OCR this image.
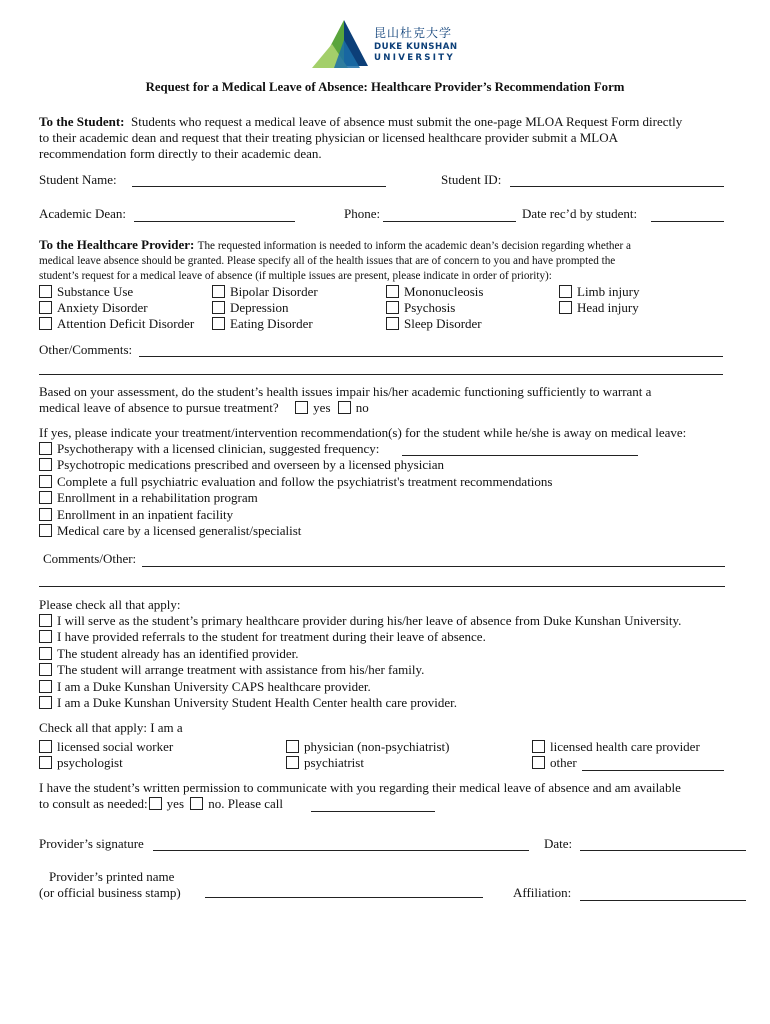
昆山杜克大学
DUKE KUNSHAN
UNIVERSITY
Request for a Medical Leave of Absence: Healthcare Provider’s Recommendation Form
To the Student: Students who request a medical leave of absence must submit the one-page MLOA Request Form directly
to their academic dean and request that their treating physician or licensed healthcare provider submit a MLOA
recommendation form directly to their academic dean.
Student Name:	Student ID:
Academic Dean:	Phone:	Date rec’d by student:
To the Healthcare Provider: The requested information is needed to inform the academic dean’s decision regarding whether a
medical leave absence should be granted. Please specify all of the health issues that are of concern to you and have prompted the
student’s request for a medical leave of absence (if multiple issues are present, please indicate in order of priority):
Substance Use	Bipolar Disorder	Mononucleosis	Limb injury
Anxiety Disorder	Depression	Psychosis	Head injury
Attention Deficit Disorder	Eating Disorder	Sleep Disorder
Other/Comments:
Based on your assessment, do the student’s health issues impair his/her academic functioning sufficiently to warrant a
medical leave of absence to pursue treatment?	yes no
If yes, please indicate your treatment/intervention recommendation(s) for the student while he/she is away on medical leave:
Psychotherapy with a licensed clinician, suggested frequency:
Psychotropic medications prescribed and overseen by a licensed physician
Complete a full psychiatric evaluation and follow the psychiatrist's treatment recommendations
Enrollment in a rehabilitation program
Enrollment in an inpatient facility
Medical care by a licensed generalist/specialist
Comments/Other:
Please check all that apply:
I will serve as the student’s primary healthcare provider during his/her leave of absence from Duke Kunshan University.
I have provided referrals to the student for treatment during their leave of absence.
The student already has an identified provider.
The student will arrange treatment with assistance from his/her family.
I am a Duke Kunshan University CAPS healthcare provider.
I am a Duke Kunshan University Student Health Center health care provider.
Check all that apply: I am a
licensed social worker	physician (non-psychiatrist)	licensed health care provider
psychologist	psychiatrist	other
I have the student’s written permission to communicate with you regarding their medical leave of absence and am available
to consult as needed: yes no. Please call
Provider’s signature	Date:
Provider’s printed name
(or official business stamp)	Affiliation:
